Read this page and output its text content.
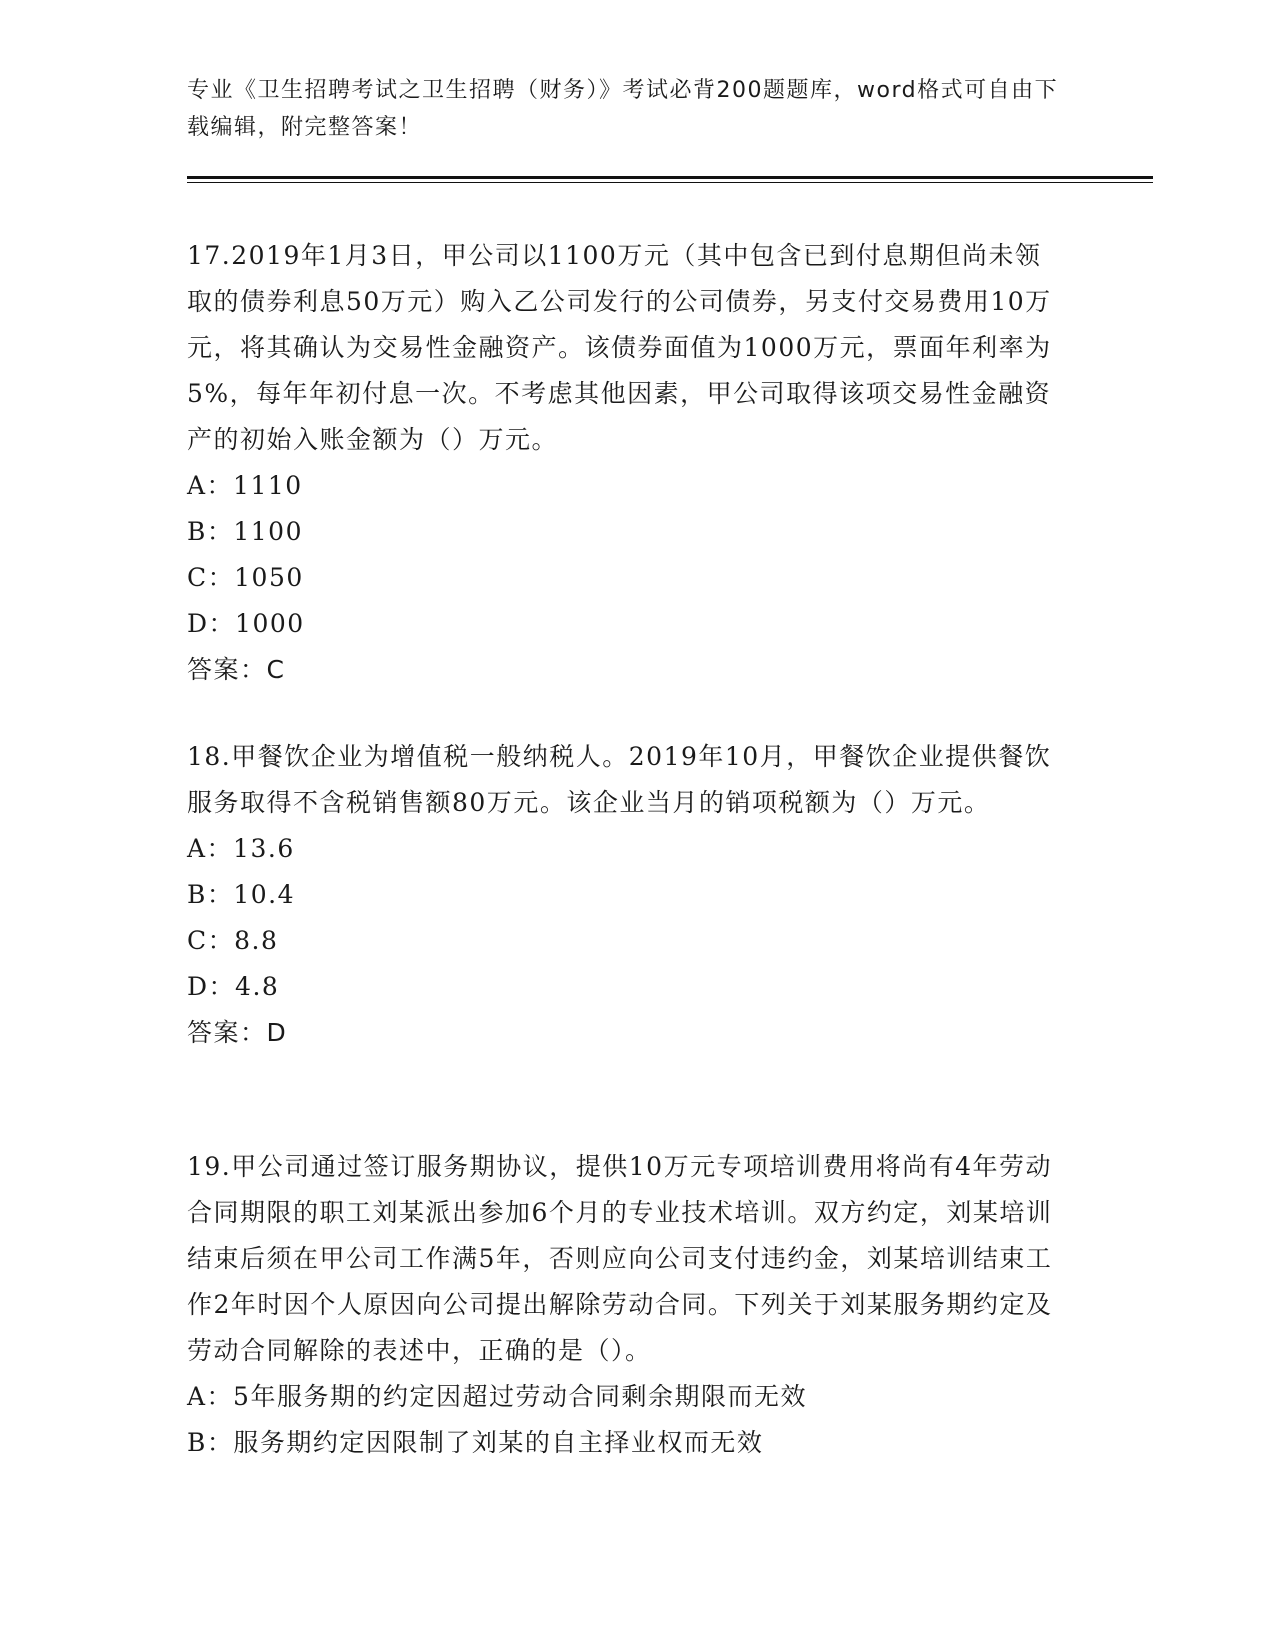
专业《卫生招聘考试之卫生招聘（财务）》考试必背200题题库，word格式可自由下载编辑，附完整答案！

17.2019年1月3日，甲公司以1100万元（其中包含已到付息期但尚未领取的债券利息50万元）购入乙公司发行的公司债券，另支付交易费用10万元，将其确认为交易性金融资产。该债券面值为1000万元，票面年利率为5%，每年年初付息一次。不考虑其他因素，甲公司取得该项交易性金融资产的初始入账金额为（）万元。

A：1110

B：1100

C：1050

D：1000

答案：C

18.甲餐饮企业为增值税一般纳税人。2019年10月，甲餐饮企业提供餐饮服务取得不含税销售额80万元。该企业当月的销项税额为（）万元。

A：13.6

B：10.4

C：8.8

D：4.8

答案：D

19.甲公司通过签订服务期协议，提供10万元专项培训费用将尚有4年劳动合同期限的职工刘某派出参加6个月的专业技术培训。双方约定，刘某培训结束后须在甲公司工作满5年，否则应向公司支付违约金，刘某培训结束工作2年时因个人原因向公司提出解除劳动合同。下列关于刘某服务期约定及劳动合同解除的表述中，正确的是（）。

A：5年服务期的约定因超过劳动合同剩余期限而无效

B：服务期约定因限制了刘某的自主择业权而无效
